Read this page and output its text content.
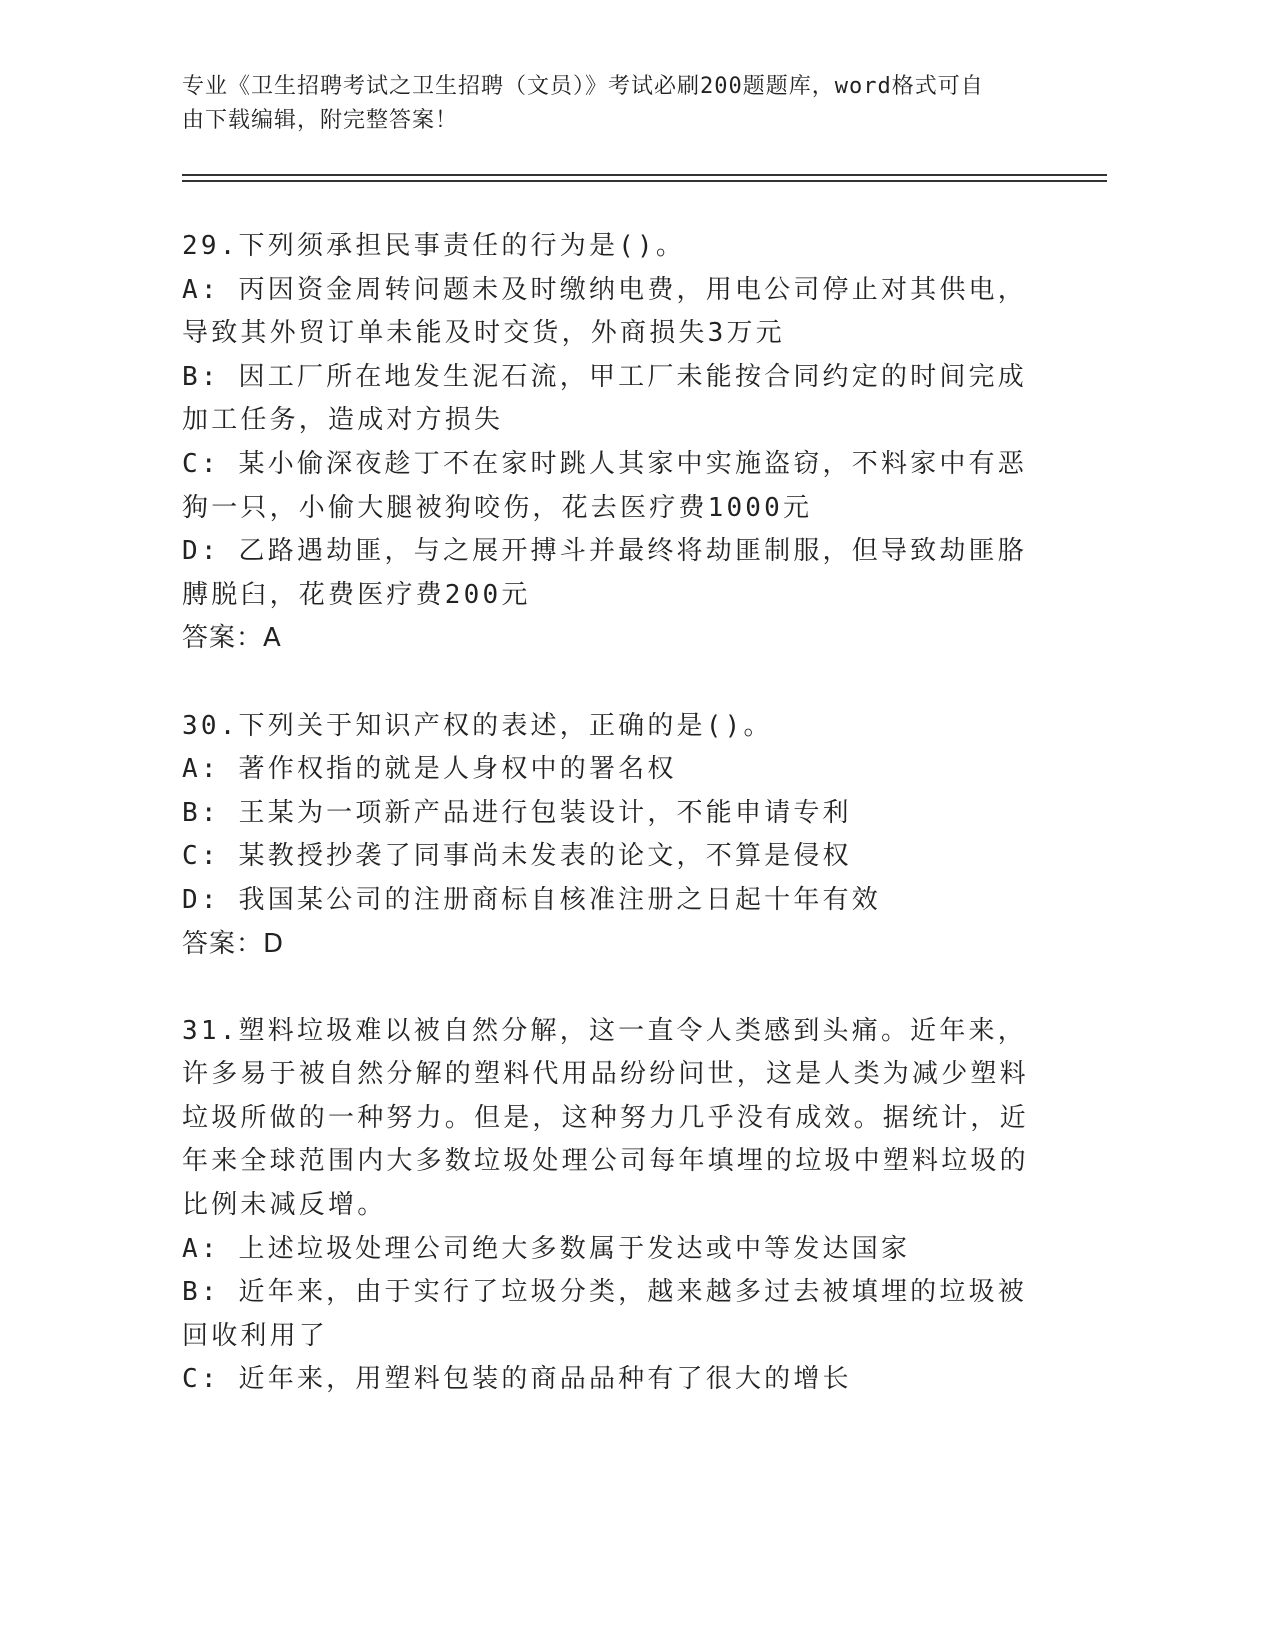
专业《卫生招聘考试之卫生招聘（文员）》考试必刷200题题库，word格式可自

由下载编辑，附完整答案！

29.下列须承担民事责任的行为是()。

A: 丙因资金周转问题未及时缴纳电费，用电公司停止对其供电，导致其外贸订单未能及时交货，外商损失3万元

B: 因工厂所在地发生泥石流，甲工厂未能按合同约定的时间完成加工任务，造成对方损失

C: 某小偷深夜趁丁不在家时跳人其家中实施盗窃，不料家中有恶狗一只，小偷大腿被狗咬伤，花去医疗费1000元

D: 乙路遇劫匪，与之展开搏斗并最终将劫匪制服，但导致劫匪胳膊脱臼，花费医疗费200元

答案：A

30.下列关于知识产权的表述，正确的是()。

A: 著作权指的就是人身权中的署名权

B: 王某为一项新产品进行包装设计，不能申请专利

C: 某教授抄袭了同事尚未发表的论文，不算是侵权

D: 我国某公司的注册商标自核准注册之日起十年有效

答案：D

31.塑料垃圾难以被自然分解，这一直令人类感到头痛。近年来，许多易于被自然分解的塑料代用品纷纷问世，这是人类为减少塑料垃圾所做的一种努力。但是，这种努力几乎没有成效。据统计，近年来全球范围内大多数垃圾处理公司每年填埋的垃圾中塑料垃圾的比例未减反增。

A: 上述垃圾处理公司绝大多数属于发达或中等发达国家

B: 近年来，由于实行了垃圾分类，越来越多过去被填埋的垃圾被回收利用了

C: 近年来，用塑料包装的商品品种有了很大的增长
